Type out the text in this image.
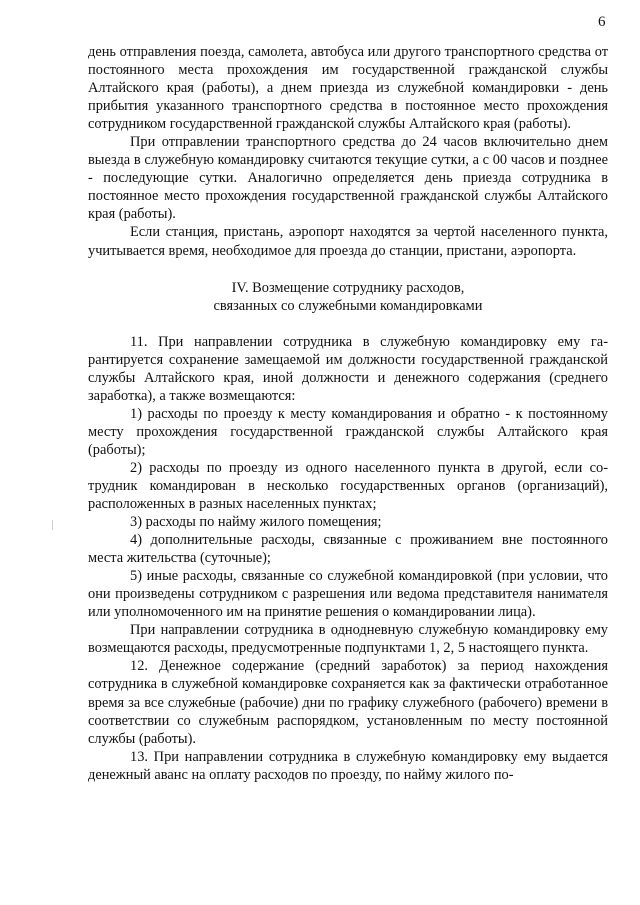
6

день отправления поезда, самолета, автобуса или другого транспортного средства от постоянного места прохождения им государственной гражданской службы Алтайского края (работы), а днем приезда из служебной командировки - день прибытия указанного транспортного средства в постоянное место прохождения сотрудником государственной гражданской службы Алтайского края (работы).

При отправлении транспортного средства до 24 часов включительно днем выезда в служебную командировку считаются текущие сутки, а с 00 часов и позднее - последующие сутки. Аналогично определяется день приезда сотрудника в постоянное место прохождения государственной гражданской службы Алтайского края (работы).

Если станция, пристань, аэропорт находятся за чертой населенного пункта, учитывается время, необходимое для проезда до станции, пристани, аэропорта.

IV. Возмещение сотруднику расходов,
связанных со служебными командировками

11. При направлении сотрудника в служебную командировку ему гарантируется сохранение замещаемой им должности государственной гражданской службы Алтайского края, иной должности и денежного содержания (среднего заработка), а также возмещаются:

1) расходы по проезду к месту командирования и обратно - к постоянному месту прохождения государственной гражданской службы Алтайского края (работы);

2) расходы по проезду из одного населенного пункта в другой, если сотрудник командирован в несколько государственных органов (организаций), расположенных в разных населенных пунктах;

3) расходы по найму жилого помещения;

4) дополнительные расходы, связанные с проживанием вне постоянного места жительства (суточные);

5) иные расходы, связанные со служебной командировкой (при условии, что они произведены сотрудником с разрешения или ведома представителя нанимателя или уполномоченного им на принятие решения о командировании лица).

При направлении сотрудника в однодневную служебную командировку ему возмещаются расходы, предусмотренные подпунктами 1, 2, 5 настоящего пункта.

12. Денежное содержание (средний заработок) за период нахождения сотрудника в служебной командировке сохраняется как за фактически отработанное время за все служебные (рабочие) дни по графику служебного (рабочего) времени в соответствии со служебным распорядком, установленным по месту постоянной службы (работы).

13. При направлении сотрудника в служебную командировку ему выдается денежный аванс на оплату расходов по проезду, по найму жилого по-
